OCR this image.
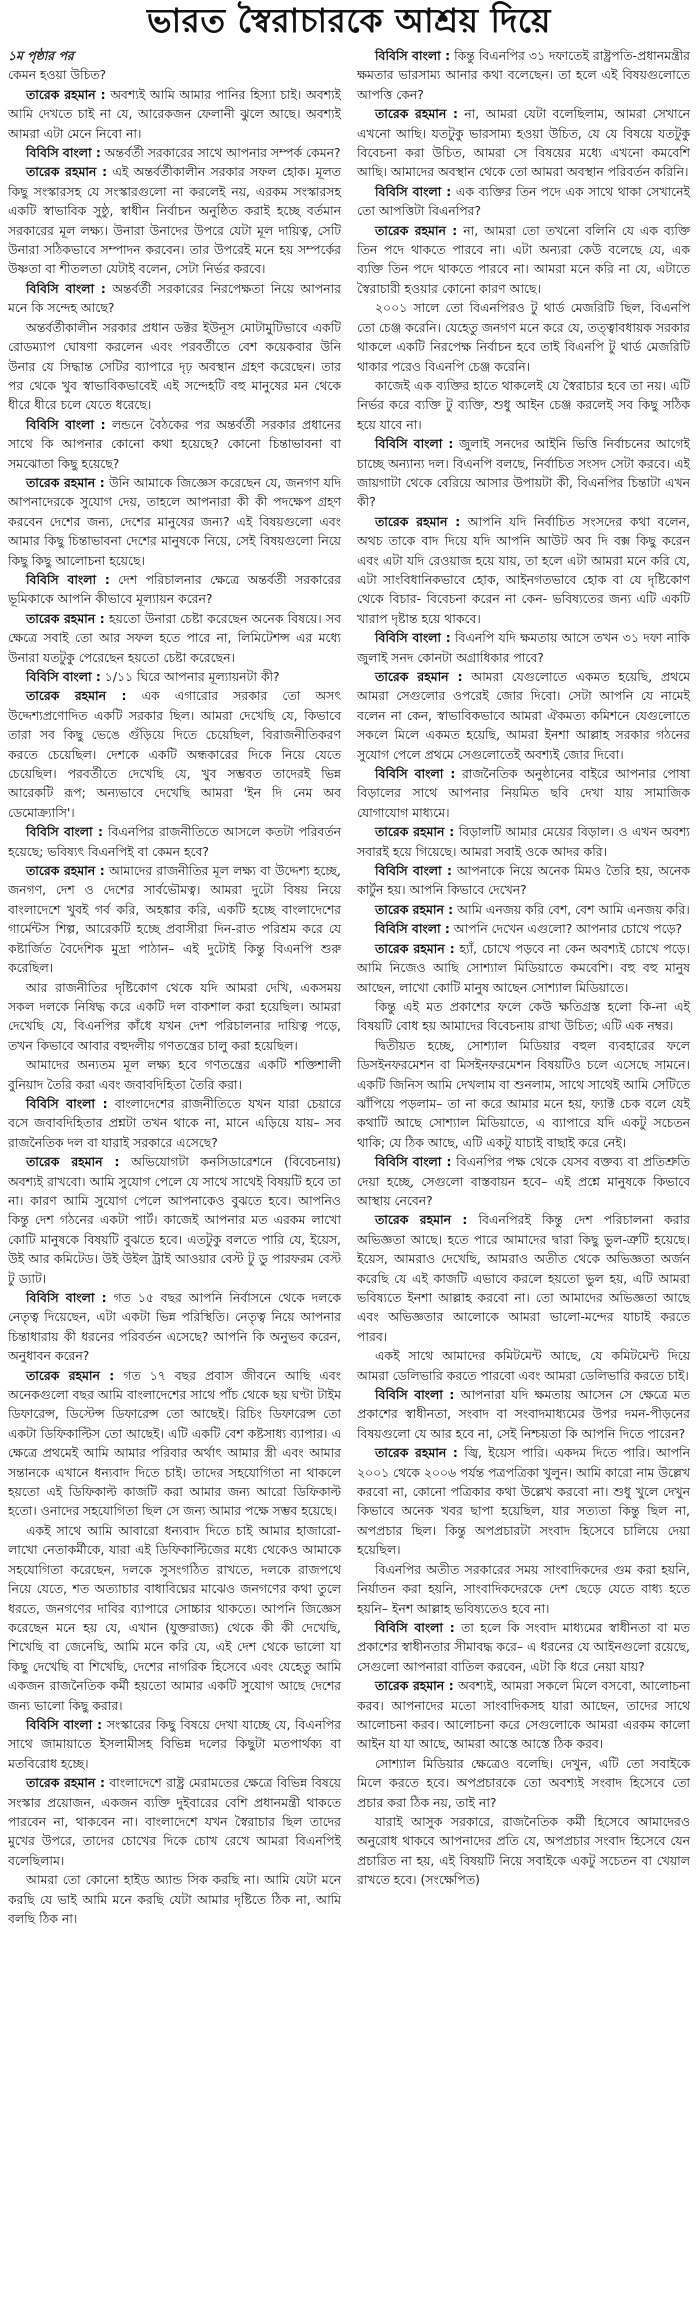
ভারত স্বৈরাচারকে আশ্রয় দিয়ে

১ম পৃষ্ঠার পর

কেমন হওয়া উচিত?

তারেক রহমান : অবশ্যই আমি আমার পানির হিস্যা চাই। অবশ্যই আমি দেখতে চাই না যে, আরেকজন ফেলানী ঝুলে আছে। অবশ্যই আমরা এটা মেনে নিবো না।

বিবিসি বাংলা : অন্তর্বর্তী সরকারের সাথে আপনার সম্পর্ক কেমন?

তারেক রহমান : এই অন্তর্বর্তীকালীন সরকার সফল হোক। মূলত কিছু সংস্কারসহ যে সংস্কারগুলো না করলেই নয়, এরকম সংস্কারসহ একটি স্বাভাবিক সুষ্ঠু, স্বাধীন নির্বাচন অনুষ্ঠিত করাই হচ্ছে বর্তমান সরকারের মূল লক্ষ্য। উনারা উনাদের উপরে যেটা মূল দায়িত্ব, সেটি উনারা সঠিকভাবে সম্পাদন করবেন। তার উপরেই মনে হয় সম্পর্কের উষ্ণতা বা শীতলতা যেটাই বলেন, সেটা নির্ভর করবে।

বিবিসি বাংলা : অন্তর্বর্তী সরকারের নিরপেক্ষতা নিয়ে আপনার মনে কি সন্দেহ আছে?

অন্তর্বর্তীকালীন সরকার প্রধান ডক্টর ইউনূস মোটামুটিভাবে একটি রোডম্যাপ ঘোষণা করলেন এবং পরবর্তীতে বেশ কয়েকবার উনি উনার যে সিদ্ধান্ত সেটির ব্যাপারে দৃঢ় অবস্থান গ্রহণ করেছেন। তার পর থেকে খুব স্বাভাবিকভাবেই এই সন্দেহটি বহু মানুষের মন থেকে ধীরে ধীরে চলে যেতে ধরেছে।

বিবিসি বাংলা : লন্ডনে বৈঠকের পর অন্তর্বর্তী সরকার প্রধানের সাথে কি আপনার কোনো কথা হয়েছে? কোনো চিন্তাভাবনা বা সমঝোতা কিছু হয়েছে?

তারেক রহমান : উনি আমাকে জিজ্ঞেস করেছেন যে, জনগণ যদি আপনাদেরকে সুযোগ দেয়, তাহলে আপনারা কী কী পদক্ষেপ গ্রহণ করবেন দেশের জন্য, দেশের মানুষের জন্য? এই বিষয়গুলো এবং আমার কিছু চিন্তাভাবনা দেশের মানুষকে নিয়ে, সেই বিষয়গুলো নিয়ে কিছু কিছু আলোচনা হয়েছে।

বিবিসি বাংলা : দেশ পরিচালনার ক্ষেত্রে অন্তর্বর্তী সরকারের ভূমিকাকে আপনি কীভাবে মূল্যায়ন করেন?

তারেক রহমান : হয়তো উনারা চেষ্টা করেছেন অনেক বিষয়ে। সব ক্ষেত্রে সবাই তো আর সফল হতে পারে না, লিমিটেশন্স এর মধ্যে উনারা যতটুকু পেরেছেন হয়তো চেষ্টা করেছেন।

বিবিসি বাংলা : ১/১১ ঘিরে আপনার মূল্যায়নটা কী?

তারেক রহমান : এক এগারোর সরকার তো অসৎ উদ্দেশ্যপ্রণোদিত একটি সরকার ছিল। আমরা দেখেছি যে, কিভাবে তারা সব কিছু ভেঙে গুঁড়িয়ে দিতে চেয়েছিল, বিরাজনীতিকরণ করতে চেয়েছিল। দেশকে একটি অন্ধকারের দিকে নিয়ে যেতে চেয়েছিল। পরবর্তীতে দেখেছি যে, খুব সম্ভবত তাদেরই ভিন্ন আরেকটি রূপ; অন্যভাবে দেখেছি আমরা 'ইন দি নেম অব ডেমোক্র্যাসি'।

বিবিসি বাংলা : বিএনপির রাজনীতিতে আসলে কতটা পরিবর্তন হয়েছে; ভবিষ্যৎ বিএনপিই বা কেমন হবে?

তারেক রহমান : আমাদের রাজনীতির মূল লক্ষ্য বা উদ্দেশ্য হচ্ছে, জনগণ, দেশ ও দেশের সার্বভৌমত্ব। আমরা দুটো বিষয় নিয়ে বাংলাদেশে খুবই গর্ব করি, অহঙ্কার করি, একটি হচ্ছে বাংলাদেশের গার্মেন্টস শিল্প, আরেকটি হচ্ছে প্রবাসীরা দিন-রাত পরিশ্রম করে যে কষ্টার্জিত বৈদেশিক মুদ্রা পাঠান– এই দুটোই কিন্তু বিএনপি শুরু করেছিল।

আর রাজনীতির দৃষ্টিকোণ থেকে যদি আমরা দেখি, একসময় সকল দলকে নিষিদ্ধ করে একটি দল বাকশাল করা হয়েছিল। আমরা দেখেছি যে, বিএনপির কাঁধে যখন দেশ পরিচালনার দায়িত্ব পড়ে, তখন কিভাবে আবার বহুদলীয় গণতন্ত্রের চালু করা হয়েছিল।

আমাদের অন্যতম মূল লক্ষ্য হবে গণতন্ত্রের একটি শক্তিশালী বুনিয়াদ তৈরি করা এবং জবাবদিহিতা তৈরি করা।

বিবিসি বাংলা : বাংলাদেশের রাজনীতিতে যখন যারা চেয়ারে বসে জবাবদিহিতার প্রশ্নটা তখন থাকে না, মানে এড়িয়ে যায়– সব রাজনৈতিক দল বা যারাই সরকারে এসেছে?

তারেক রহমান : অভিযোগটা কনসিডারেশনে (বিবেচনায়) অবশ্যই রাখবো। আমি সুযোগ পেলে যে সাথে সাথেই বিষয়টি হবে তা না। কারণ আমি সুযোগ পেলে আপনাকেও বুঝতে হবে। আপনিও কিন্তু দেশ গঠনের একটা পার্ট। কাজেই আপনার মত এরকম লাখো কোটি মানুষকে বিষয়টি বুঝতে হবে। এতটুকু বলতে পারি যে, ইয়েস, উই আর কমিটেড। উই উইল ট্রাই আওয়ার বেস্ট টু ডু পারফরম বেস্ট টু ড্যাট।

বিবিসি বাংলা : গত ১৫ বছর আপনি নির্বাসনে থেকে দলকে নেতৃত্ব দিয়েছেন, এটা একটা ভিন্ন পরিস্থিতি। নেতৃত্ব নিয়ে আপনার চিন্তাধারায় কী ধরনের পরিবর্তন এসেছে? আপনি কি অনুভব করেন, অনুধাবন করেন?

তারেক রহমান : গত ১৭ বছর প্রবাস জীবনে আছি এবং অনেকগুলো বছর আমি বাংলাদেশের সাথে পাঁচ থেকে ছয় ঘণ্টা টাইম ডিফারেন্স, ডিস্টেন্স ডিফারেন্স তো আছেই। রিচিং ডিফারেন্স তো একটা ডিফিকাল্টিস তো আছেই। এটি একটি বেশ কষ্টসাধ্য ব্যাপার। এ ক্ষেত্রে প্রথমেই আমি আমার পরিবার অর্থাৎ আমার স্ত্রী এবং আমার সন্তানকে এখানে ধন্যবাদ দিতে চাই। তাদের সহযোগিতা না থাকলে হয়তো এই ডিফিকাল্ট কাজটি করা আমার জন্য আরো ডিফিকাল্ট হতো। ওনাদের সহযোগিতা ছিল সে জন্য আমার পক্ষে সম্ভব হয়েছে।

একই সাথে আমি আবারো ধন্যবাদ দিতে চাই আমার হাজারো- লাখো নেতাকর্মীকে, যারা এই ডিফিকাল্টিজের মধ্যে থেকেও আমাকে সহযোগিতা করেছেন, দলকে সুসংগঠিত রাখতে, দলকে রাজপথে নিয়ে যেতে, শত অত্যাচার বাধাবিঘ্নের মাঝেও জনগণের কথা তুলে ধরতে, জনগণের দাবির ব্যাপারে সোচ্চার থাকতে। আপনি জিজ্ঞেস করেছেন মনে হয় যে, এখান (যুক্তরাজ্য) থেকে কী কী দেখেছি, শিখেছি বা জেনেছি, আমি মনে করি যে, এই দেশ থেকে ভালো যা কিছু দেখেছি বা শিখেছি, দেশের নাগরিক হিসেবে এবং যেহেতু আমি একজন রাজনৈতিক কর্মী হয়তো আমার একটি সুযোগ আছে দেশের জন্য ভালো কিছু করার।

বিবিসি বাংলা : সংস্কারের কিছু বিষয়ে দেখা যাচ্ছে যে, বিএনপির সাথে জামায়াতে ইসলামীসহ বিভিন্ন দলের কিছুটা মতপার্থক্য বা মতবিরোধ হচ্ছে।

তারেক রহমান : বাংলাদেশে রাষ্ট্র মেরামতের ক্ষেত্রে বিভিন্ন বিষয়ে সংস্কার প্রয়োজন, একজন ব্যক্তি দুইবারের বেশি প্রধানমন্ত্রী থাকতে পারবেন না, থাকবেন না। বাংলাদেশে যখন স্বৈরাচার ছিল তাদের মুখের উপরে, তাদের চোখের দিকে চোখ রেখে আমরা বিএনপিই বলেছিলাম।

আমরা তো কোনো হাইড অ্যান্ড সিক করছি না। আমি যেটা মনে করছি যে ভাই আমি মনে করছি যেটা আমার দৃষ্টিতে ঠিক না, আমি বলছি ঠিক না।

বিবিসি বাংলা : কিন্তু বিএনপির ৩১ দফাতেই রাষ্ট্রপতি-প্রধানমন্ত্রীর ক্ষমতার ভারসাম্য আনার কথা বলেছেন। তা হলে এই বিষয়গুলোতে আপত্তি কেন?

তারেক রহমান : না, আমরা যেটা বলেছিলাম, আমরা সেখানে এখনো আছি। যতটুকু ভারসাম্য হওয়া উচিত, যে যে বিষয়ে যতটুকু বিবেচনা করা উচিত, আমরা সে বিষয়ের মধ্যে এখনো কমবেশি আছি। আমাদের অবস্থান থেকে তো আমরা অবস্থান পরিবর্তন করিনি।

বিবিসি বাংলা : এক ব্যক্তির তিন পদে এক সাথে থাকা সেখানেই তো আপত্তিটা বিএনপির?

তারেক রহমান : না, আমরা তো তখনো বলিনি যে এক ব্যক্তি তিন পদে থাকতে পারবে না। এটা অন্যরা কেউ বলেছে যে, এক ব্যক্তি তিন পদে থাকতে পারবে না। আমরা মনে করি না যে, এটাতে স্বৈরাচারী হওয়ার কোনো কারণ আছে।

২০০১ সালে তো বিএনপিরও টু থার্ড মেজরিটি ছিল, বিএনপি তো চেঞ্জ করেনি। যেহেতু জনগণ মনে করে যে, তত্ত্বাবধায়ক সরকার থাকলে একটি নিরপেক্ষ নির্বাচন হবে তাই বিএনপি টু থার্ড মেজরিটি থাকার পরেও বিএনপি চেঞ্জ করেনি।

কাজেই এক ব্যক্তির হাতে থাকলেই যে স্বৈরাচার হবে তা নয়। এটি নির্ভর করে ব্যক্তি টু ব্যক্তি, শুধু আইন চেঞ্জ করলেই সব কিছু সঠিক হয়ে যাবে না।

বিবিসি বাংলা : জুলাই সনদের আইনি ভিত্তি নির্বাচনের আগেই চাচ্ছে অন্যান্য দল। বিএনপি বলছে, নির্বাচিত সংসদ সেটা করবে। এই জায়গাটা থেকে বেরিয়ে আসার উপায়টা কী, বিএনপির চিন্তাটা এখন কী?

তারেক রহমান : আপনি যদি নির্বাচিত সংসদের কথা বলেন, অথচ তাকে বাদ দিয়ে যদি আপনি আউট অব দি বক্স কিছু করেন এবং এটা যদি রেওয়াজ হয়ে যায়, তা হলে এটা আমরা মনে করি যে, এটা সাংবিধানিকভাবে হোক, আইনগতভাবে হোক বা যে দৃষ্টিকোণ থেকে বিচার- বিবেচনা করেন না কেন- ভবিষ্যতের জন্য এটি একটি খারাপ দৃষ্টান্ত হয়ে থাকবে।

বিবিসি বাংলা : বিএনপি যদি ক্ষমতায় আসে তখন ৩১ দফা নাকি জুলাই সনদ কোনটা অগ্রাধিকার পাবে?

তারেক রহমান : আমরা যেগুলোতে একমত হয়েছি, প্রথমে আমরা সেগুলোর ওপরেই জোর দিবো। সেটা আপনি যে নামেই বলেন না কেন, স্বাভাবিকভাবে আমরা ঐকমত্য কমিশনে যেগুলোতে সকলে মিলে একমত হয়েছি, আমরা ইনশা আল্লাহ সরকার গঠনের সুযোগ পেলে প্রথমে সেগুলোতেই অবশ্যই জোর দিবো।

বিবিসি বাংলা : রাজনৈতিক অনুষ্ঠানের বাইরে আপনার পোষা বিড়ালের সাথে আপনার নিয়মিত ছবি দেখা যায় সামাজিক যোগাযোগ মাধ্যমে।

তারেক রহমান : বিড়ালটি আমার মেয়ের বিড়াল। ও এখন অবশ্য সবারই হয়ে গিয়েছে। আমরা সবাই ওকে আদর করি।

বিবিসি বাংলা : আপনাকে নিয়ে অনেক মিমও তৈরি হয়, অনেক কার্টুন হয়। আপনি কিভাবে দেখেন?

তারেক রহমান : আমি এনজয় করি বেশ, বেশ আমি এনজয় করি।

বিবিসি বাংলা : আপনি দেখেন এগুলো? আপনার চোখে পড়ে?

তারেক রহমান : হ্যাঁ, চোখে পড়বে না কেন অবশ্যই চোখে পড়ে। আমি নিজেও আছি সোশ্যাল মিডিয়াতে কমবেশি। বহু বহু মানুষ আছেন, লাখো কোটি মানুষ আছেন সোশ্যাল মিডিয়াতে।

কিন্তু এই মত প্রকাশের ফলে কেউ ক্ষতিগ্রস্ত হলো কি-না এই বিষয়টি বোধ হয় আমাদের বিবেচনায় রাখা উচিত; এটি এক নম্বর।

দ্বিতীয়ত হচ্ছে, সোশ্যাল মিডিয়ার বহুল ব্যবহারের ফলে ডিসইনফরমেশন বা মিসইনফরমেশন বিষয়টিও চলে এসেছে সামনে। একটি জিনিস আমি দেখলাম বা শুনলাম, সাথে সাথেই আমি সেটিতে ঝাঁপিয়ে পড়লাম– তা না করে আমার মনে হয়, ফ্যাক্ট চেক বলে যেই কথাটি আছে সোশ্যাল মিডিয়াতে, এ ব্যাপারে যদি একটু সচেতন থাকি; যে ঠিক আছে, এটি একটু যাচাই বাছাই করে নেই।

বিবিসি বাংলা : বিএনপির পক্ষ থেকে যেসব বক্তব্য বা প্রতিশ্রুতি দেয়া হচ্ছে, সেগুলো বাস্তবায়ন হবে– এই প্রশ্নে মানুষকে কিভাবে আস্থায় নেবেন?

তারেক রহমান : বিএনপিরই কিন্তু দেশ পরিচালনা করার অভিজ্ঞতা আছে। হতে পারে আমাদের দ্বারা কিছু ভুল-ত্রুটি হয়েছে। ইয়েস, আমরাও দেখেছি, আমরাও অতীত থেকে অভিজ্ঞতা অর্জন করেছি যে এই কাজটি এভাবে করলে হয়তো ভুল হয়, এটি আমরা ভবিষ্যতে ইনশা আল্লাহ করবো না। তো আমাদের অভিজ্ঞতা আছে এবং অভিজ্ঞতার আলোকে আমরা ভালো-মন্দের যাচাই করতে পারব।

একই সাথে আমাদের কমিটমেন্ট আছে, যে কমিটমেন্ট দিয়ে আমরা ডেলিভারি করতে পারবো এবং আমরা ডেলিভারি করতে চাই।

বিবিসি বাংলা : আপনারা যদি ক্ষমতায় আসেন সে ক্ষেত্রে মত প্রকাশের স্বাধীনতা, সংবাদ বা সংবাদমাধ্যমের উপর দমন-পীড়নের বিষয়গুলো যে আর হবে না, সেই নিশ্চয়তা কি আপনি দিতে পারেন?

তারেক রহমান : জ্বি, ইয়েস পারি। একদম দিতে পারি। আপনি ২০০১ থেকে ২০০৬ পর্যন্ত পত্রপত্রিকা খুলুন। আমি কারো নাম উল্লেখ করবো না, কোনো পত্রিকার কথা উল্লেখ করবো না। শুধু খুলে দেখুন কিভাবে অনেক খবর ছাপা হয়েছিল, যার সত্যতা কিন্তু ছিল না, অপপ্রচার ছিল। কিন্তু অপপ্রচারটা সংবাদ হিসেবে চালিয়ে দেয়া হয়েছিল।

বিএনপির অতীত সরকারের সময় সাংবাদিকদের গুম করা হয়নি, নির্যাতন করা হয়নি, সাংবাদিকদেরকে দেশ ছেড়ে যেতে বাধ্য হতে হয়নি– ইনশ আল্লাহ ভবিষ্যতেও হবে না।

বিবিসি বাংলা : তা হলে কি সংবাদ মাধ্যমের স্বাধীনতা বা মত প্রকাশের স্বাধীনতার সীমাবদ্ধ করে– এ ধরনের যে আইনগুলো রয়েছে, সেগুলো আপনারা বাতিল করবেন, এটা কি ধরে নেয়া যায়?

তারেক রহমান : অবশ্যই, আমরা সকলে মিলে বসবো, আলোচনা করব। আপনাদের মতো সাংবাদিকসহ যারা আছেন, তাদের সাথে আলোচনা করব। আলোচনা করে সেগুলোকে আমরা এরকম কালো আইন যা যা আছে, আমরা আস্তে আস্তে ঠিক করব।

সোশ্যাল মিডিয়ার ক্ষেত্রেও বলেছি। দেখুন, এটি তো সবাইকে মিলে করতে হবে। অপপ্রচারকে তো অবশ্যই সংবাদ হিসেবে তো প্রচার করা ঠিক নয়, তাই না?

যারাই আসুক সরকারে, রাজনৈতিক কর্মী হিসেবে আমাদেরও অনুরোধ থাকবে আপনাদের প্রতি যে, অপপ্রচার সংবাদ হিসেবে যেন প্রচারিত না হয়, এই বিষয়টি নিয়ে সবাইকে একটু সচেতন বা খেয়াল রাখতে হবে। (সংক্ষেপিত)
